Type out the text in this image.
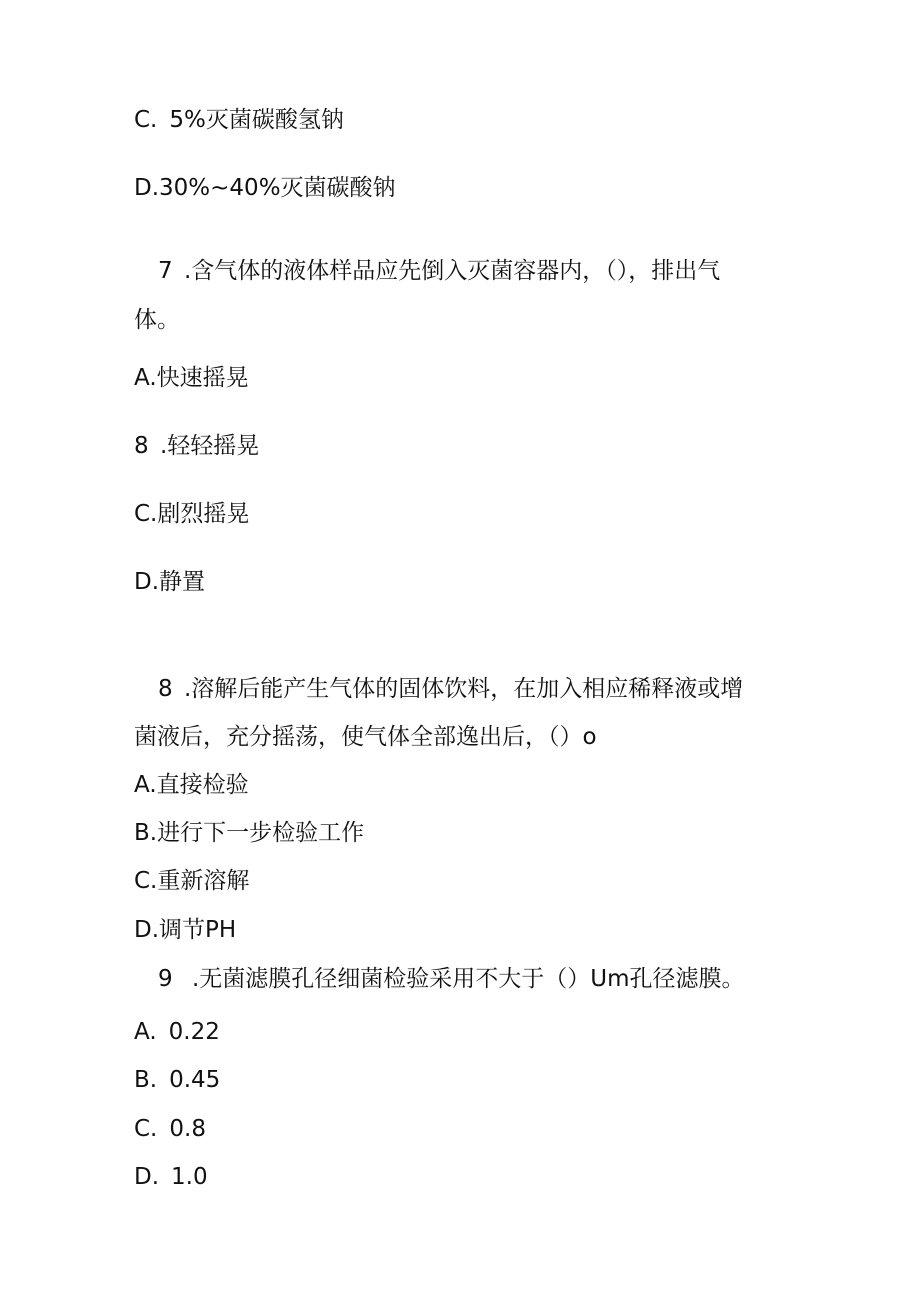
C. 5%灭菌碳酸氢钠
D.30%~40%灭菌碳酸钠
7 .含气体的液体样品应先倒入灭菌容器内，（），排出气
体。
A.快速摇晃
8 .轻轻摇晃
C.剧烈摇晃
D.静置
8 .溶解后能产生气体的固体饮料，在加入相应稀释液或增
菌液后，充分摇荡，使气体全部逸出后，（）o
A.直接检验
B.进行下一步检验工作
C.重新溶解
D.调节PH
9 .无菌滤膜孔径细菌检验采用不大于（）Um孔径滤膜。
A. 0.22
B. 0.45
C. 0.8
D. 1.0
